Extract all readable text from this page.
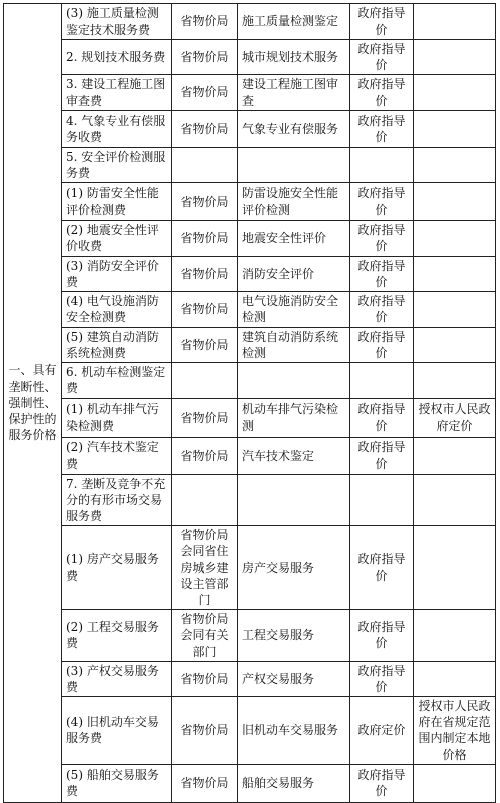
一、具有垄断性、强制性、保护性的服务价格	(3) 施工质量检测鉴定技术服务费	省物价局	施工质量检测鉴定	政府指导价	
	2. 规划技术服务费	省物价局	城市规划技术服务	政府指导价	
	3. 建设工程施工图审查费	省物价局	建设工程施工图审查	政府指导价	
	4. 气象专业有偿服务收费	省物价局	气象专业有偿服务	政府指导价	
	5. 安全评价检测服务费				
	(1) 防雷安全性能评价检测费	省物价局	防雷设施安全性能评价检测	政府指导价	
	(2) 地震安全性评价收费	省物价局	地震安全性评价	政府指导价	
	(3) 消防安全评价费	省物价局	消防安全评价	政府指导价	
	(4) 电气设施消防安全检测费	省物价局	电气设施消防安全检测	政府指导价	
	(5) 建筑自动消防系统检测费	省物价局	建筑自动消防系统检测	政府指导价	
	6. 机动车检测鉴定费				
	(1) 机动车排气污染检测费	省物价局	机动车排气污染检测	政府指导价	授权市人民政府定价
	(2) 汽车技术鉴定费	省物价局	汽车技术鉴定	政府指导价	
	7. 垄断及竞争不充分的有形市场交易服务费				
	(1) 房产交易服务费	省物价局会同省住房城乡建设主管部门	房产交易服务	政府指导价	
	(2) 工程交易服务费	省物价局会同有关部门	工程交易服务	政府指导价	
	(3) 产权交易服务费	省物价局	产权交易服务	政府指导价	
	(4) 旧机动车交易服务费	省物价局	旧机动车交易服务	政府定价	授权市人民政府在省规定范围内制定本地价格
	(5) 船舶交易服务费	省物价局	船舶交易服务	政府指导价	
